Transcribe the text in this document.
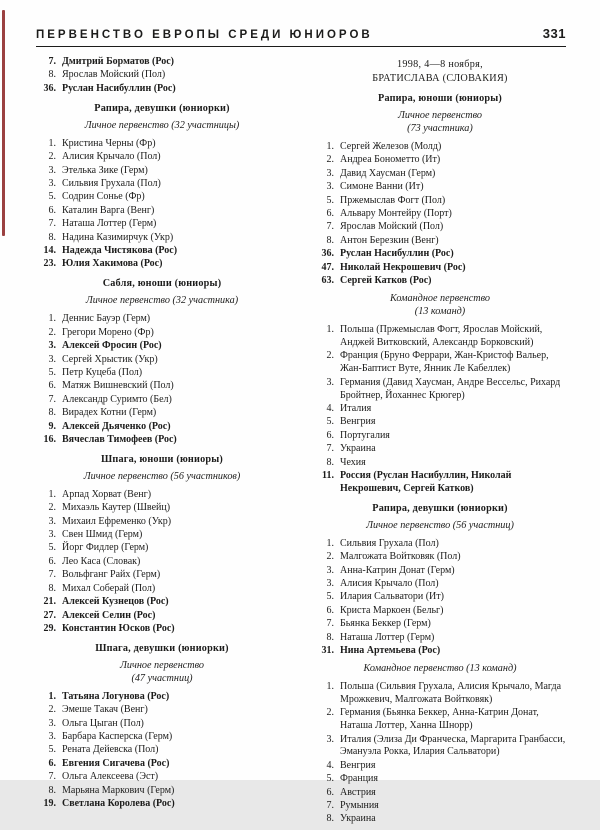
ПЕРВЕНСТВО ЕВРОПЫ СРЕДИ ЮНИОРОВ	331
7. Дмитрий Борматов (Рос)
8. Ярослав Мойский (Пол)
36. Руслан Насибуллин (Рос)
Рапира, девушки (юниорки)
Личное первенство (32 участницы)
1. Кристина Черны (Фр)
2. Алисия Крычало (Пол)
3. Этелька Зике (Герм)
3. Сильвия Грухала (Пол)
5. Содрин Сонье (Фр)
6. Каталин Варга (Венг)
7. Наташа Лоттер (Герм)
8. Надина Казимирчук (Укр)
14. Надежда Чистякова (Рос)
23. Юлия Хакимова (Рос)
Сабля, юноши (юниоры)
Личное первенство (32 участника)
1. Деннис Бауэр (Герм)
2. Грегори Морено (Фр)
3. Алексей Фросин (Рос)
3. Сергей Хрыстик (Укр)
5. Петр Куцеба (Пол)
6. Матяж Вишневский (Пол)
7. Александр Суримто (Бел)
8. Вирадех Котни (Герм)
9. Алексей Дьяченко (Рос)
16. Вячеслав Тимофеев (Рос)
Шпага, юноши (юниоры)
Личное первенство (56 участников)
1. Арпад Хорват (Венг)
2. Михаэль Каутер (Швейц)
3. Михаил Ефременко (Укр)
3. Свен Шмид (Герм)
5. Йорг Фидлер (Герм)
6. Лео Каса (Словак)
7. Вольфганг Райх (Герм)
8. Михал Соберай (Пол)
21. Алексей Кузнецов (Рос)
27. Алексей Селин (Рос)
29. Константин Юсков (Рос)
Шпага, девушки (юниорки)
Личное первенство
(47 участниц)
1. Татьяна Логунова (Рос)
2. Эмеше Такач (Венг)
3. Ольга Цыган (Пол)
3. Барбара Касперска (Герм)
5. Рената Дейевска (Пол)
6. Евгения Сигачева (Рос)
7. Ольга Алексеева (Эст)
8. Марьяна Маркович (Герм)
19. Светлана Королева (Рос)
1998, 4—8 ноября,
БРАТИСЛАВА (СЛОВАКИЯ)
Рапира, юноши (юниоры)
Личное первенство
(73 участника)
1. Сергей Железов (Молд)
2. Андреа Бонометто (Ит)
3. Давид Хаусман (Герм)
3. Симоне Ванни (Ит)
5. Пржемыслав Фогт (Пол)
6. Альвару Монтейру (Порт)
7. Ярослав Мойский (Пол)
8. Антон Березкин (Венг)
36. Руслан Насибуллин (Рос)
47. Николай Некрошевич (Рос)
63. Сергей Катков (Рос)
Командное первенство
(13 команд)
1. Польша (Пржемыслав Фогт, Ярослав Мойский, Анджей Витковский, Александр Борковский)
2. Франция (Бруно Феррари, Жан-Кристоф Вальер, Жан-Баптист Вуте, Янник Ле Кабеллек)
3. Германия (Давид Хаусман, Андре Вессельс, Рихард Бройтнер, Йоханнес Крюгер)
4. Италия
5. Венгрия
6. Португалия
7. Украина
8. Чехия
11. Россия (Руслан Насибуллин, Николай Некрошевич, Сергей Катков)
Рапира, девушки (юниорки)
Личное первенство (56 участниц)
1. Сильвия Грухала (Пол)
2. Малгожата Войтковяк (Пол)
3. Анна-Катрин Донат (Герм)
3. Алисия Крычало (Пол)
5. Илария Сальватори (Ит)
6. Криста Маркоен (Бельг)
7. Бьянка Беккер (Герм)
8. Наташа Лоттер (Герм)
31. Нина Артемьева (Рос)
Командное первенство (13 команд)
1. Польша (Сильвия Грухала, Алисия Крычало, Магда Мрожкевич, Малгожата Войтковяк)
2. Германия (Бьянка Беккер, Анна-Катрин Донат, Наташа Лоттер, Ханна Шнорр)
3. Италия (Элиза Ди Франческа, Маргарита Гранбасси, Эмануэла Рокка, Илария Сальватори)
4. Венгрия
5. Франция
6. Австрия
7. Румыния
8. Украина
